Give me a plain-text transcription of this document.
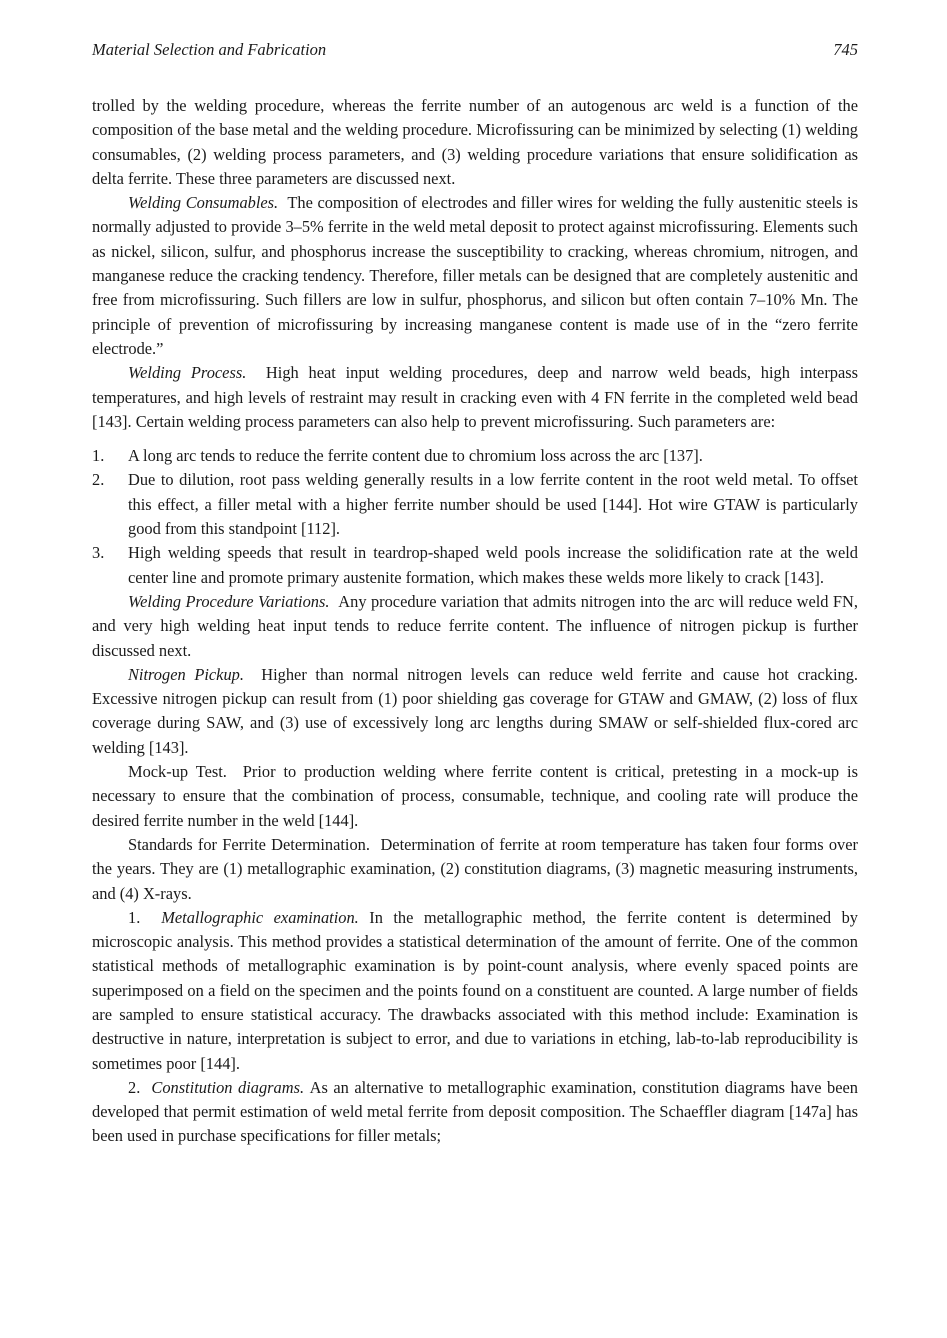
Material Selection and Fabrication	745

trolled by the welding procedure, whereas the ferrite number of an autogenous arc weld is a function of the composition of the base metal and the welding procedure. Microfissuring can be minimized by selecting (1) welding consumables, (2) welding process parameters, and (3) welding procedure variations that ensure solidification as delta ferrite. These three parameters are discussed next.

Welding Consumables. The composition of electrodes and filler wires for welding the fully austenitic steels is normally adjusted to provide 3–5% ferrite in the weld metal deposit to protect against microfissuring. Elements such as nickel, silicon, sulfur, and phosphorus increase the susceptibility to cracking, whereas chromium, nitrogen, and manganese reduce the cracking tendency. Therefore, filler metals can be designed that are completely austenitic and free from microfissuring. Such fillers are low in sulfur, phosphorus, and silicon but often contain 7–10% Mn. The principle of prevention of microfissuring by increasing manganese content is made use of in the “zero ferrite electrode.”

Welding Process. High heat input welding procedures, deep and narrow weld beads, high interpass temperatures, and high levels of restraint may result in cracking even with 4 FN ferrite in the completed weld bead [143]. Certain welding process parameters can also help to prevent microfissuring. Such parameters are:

1.	A long arc tends to reduce the ferrite content due to chromium loss across the arc [137].
2.	Due to dilution, root pass welding generally results in a low ferrite content in the root weld metal. To offset this effect, a filler metal with a higher ferrite number should be used [144]. Hot wire GTAW is particularly good from this standpoint [112].
3.	High welding speeds that result in teardrop-shaped weld pools increase the solidification rate at the weld center line and promote primary austenite formation, which makes these welds more likely to crack [143].

Welding Procedure Variations. Any procedure variation that admits nitrogen into the arc will reduce weld FN, and very high welding heat input tends to reduce ferrite content. The influence of nitrogen pickup is further discussed next.

Nitrogen Pickup. Higher than normal nitrogen levels can reduce weld ferrite and cause hot cracking. Excessive nitrogen pickup can result from (1) poor shielding gas coverage for GTAW and GMAW, (2) loss of flux coverage during SAW, and (3) use of excessively long arc lengths during SMAW or self-shielded flux-cored arc welding [143].

Mock-up Test. Prior to production welding where ferrite content is critical, pretesting in a mock-up is necessary to ensure that the combination of process, consumable, technique, and cooling rate will produce the desired ferrite number in the weld [144].

Standards for Ferrite Determination. Determination of ferrite at room temperature has taken four forms over the years. They are (1) metallographic examination, (2) constitution diagrams, (3) magnetic measuring instruments, and (4) X-rays.

1. Metallographic examination. In the metallographic method, the ferrite content is determined by microscopic analysis. This method provides a statistical determination of the amount of ferrite. One of the common statistical methods of metallographic examination is by point-count analysis, where evenly spaced points are superimposed on a field on the specimen and the points found on a constituent are counted. A large number of fields are sampled to ensure statistical accuracy. The drawbacks associated with this method include: Examination is destructive in nature, interpretation is subject to error, and due to variations in etching, lab-to-lab reproducibility is sometimes poor [144].

2. Constitution diagrams. As an alternative to metallographic examination, constitution diagrams have been developed that permit estimation of weld metal ferrite from deposit composition. The Schaeffler diagram [147a] has been used in purchase specifications for filler metals;
